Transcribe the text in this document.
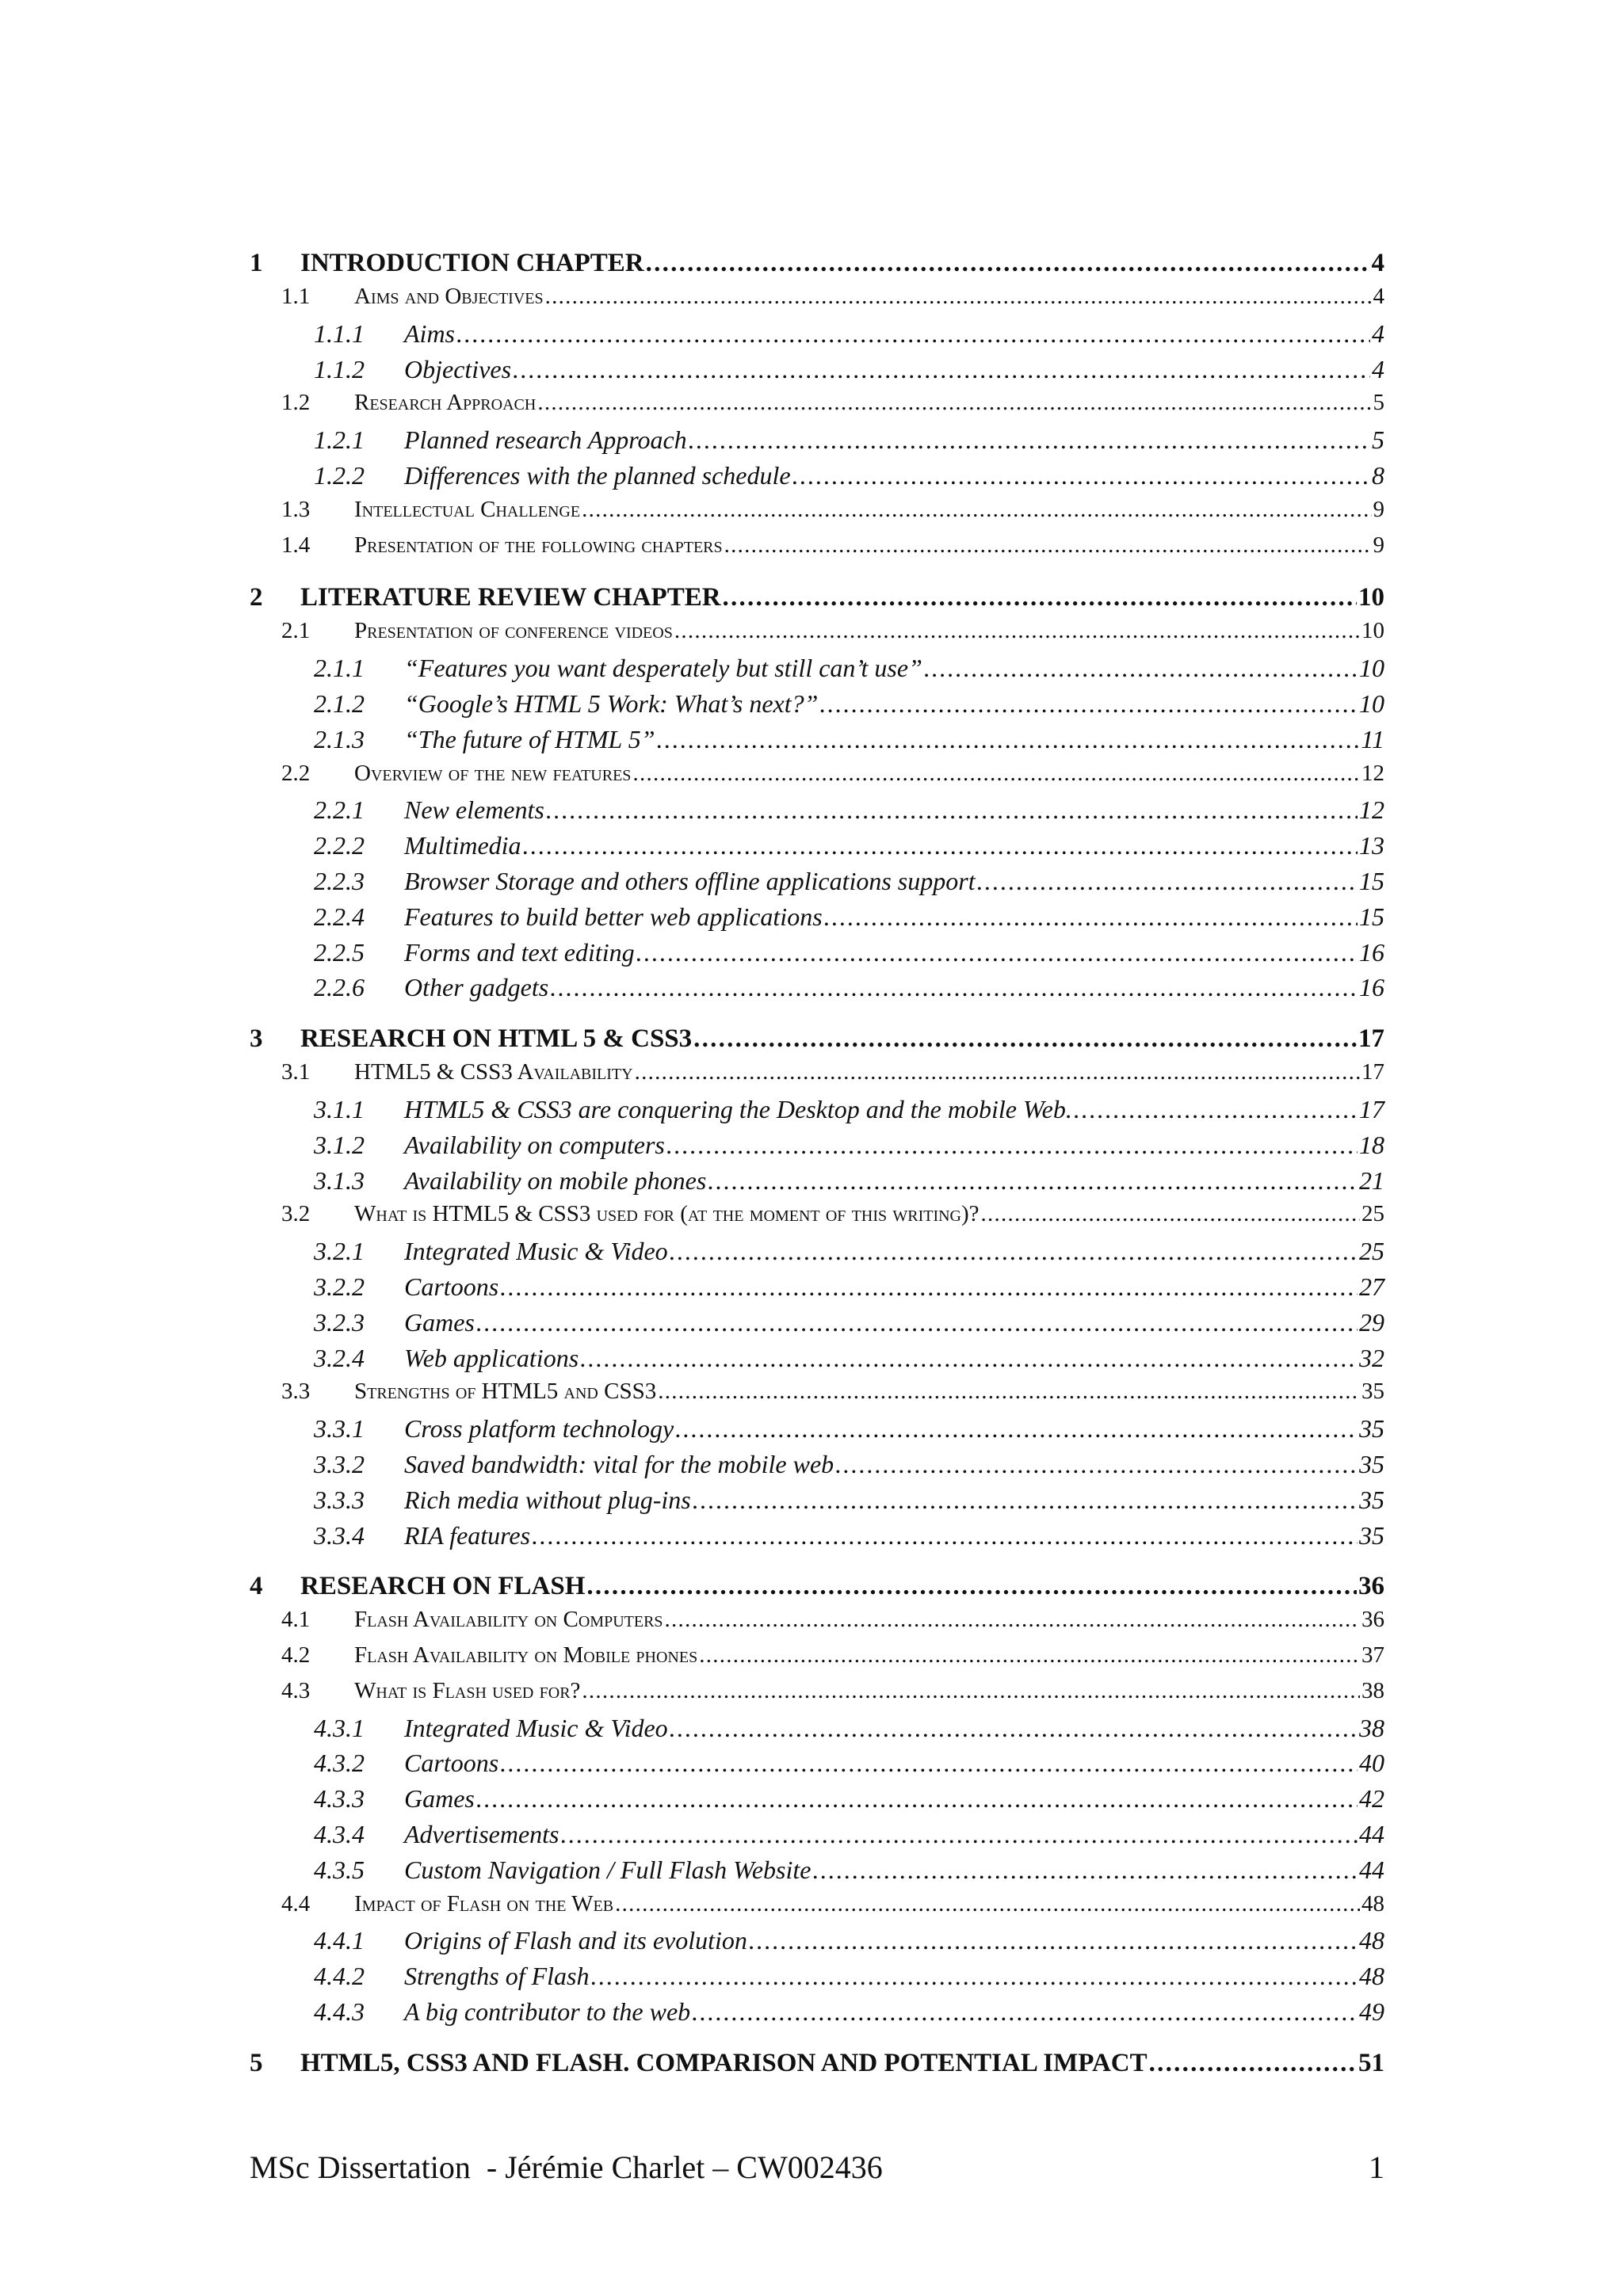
1	INTRODUCTION CHAPTER . . .	4
1.1	Aims and Objectives . . .	4
1.1.1	Aims . . .	4
1.1.2	Objectives . . .	4
1.2	Research Approach . . .	5
1.2.1	Planned research Approach . . .	5
1.2.2	Differences with the planned schedule . . .	8
1.3	Intellectual Challenge . . .	9
1.4	Presentation of the following chapters . . .	9
2	LITERATURE REVIEW CHAPTER . . .	10
2.1	Presentation of conference videos . . .	10
2.1.1	“Features you want desperately but still can’t use” . . .	10
2.1.2	“Google’s HTML 5 Work: What’s next?” . . .	10
2.1.3	“The future of HTML 5” . . .	11
2.2	Overview of the new features . . .	12
2.2.1	New elements . . .	12
2.2.2	Multimedia . . .	13
2.2.3	Browser Storage and others offline applications support . . .	15
2.2.4	Features to build better web applications . . .	15
2.2.5	Forms and text editing . . .	16
2.2.6	Other gadgets . . .	16
3	RESEARCH ON HTML 5 & CSS3 . . .	17
3.1	HTML5 & CSS3 Availability . . .	17
3.1.1	HTML5 & CSS3 are conquering the Desktop and the mobile Web. . . .	17
3.1.2	Availability on computers . . .	18
3.1.3	Availability on mobile phones . . .	21
3.2	What is HTML5 & CSS3 used for (at the moment of this writing)? . . .	25
3.2.1	Integrated Music & Video . . .	25
3.2.2	Cartoons . . .	27
3.2.3	Games . . .	29
3.2.4	Web applications . . .	32
3.3	Strengths of HTML5 and CSS3 . . .	35
3.3.1	Cross platform technology . . .	35
3.3.2	Saved bandwidth: vital for the mobile web . . .	35
3.3.3	Rich media without plug-ins . . .	35
3.3.4	RIA features . . .	35
4	RESEARCH ON FLASH . . .	36
4.1	Flash Availability on Computers . . .	36
4.2	Flash Availability on Mobile phones . . .	37
4.3	What is Flash used for? . . .	38
4.3.1	Integrated Music & Video . . .	38
4.3.2	Cartoons . . .	40
4.3.3	Games . . .	42
4.3.4	Advertisements . . .	44
4.3.5	Custom Navigation / Full Flash Website . . .	44
4.4	Impact of Flash on the Web . . .	48
4.4.1	Origins of Flash and its evolution . . .	48
4.4.2	Strengths of Flash . . .	48
4.4.3	A big contributor to the web . . .	49
5	HTML5, CSS3 AND FLASH. COMPARISON AND POTENTIAL IMPACT . . .	51
MSc Dissertation  - Jérémie Charlet – CW002436	1
